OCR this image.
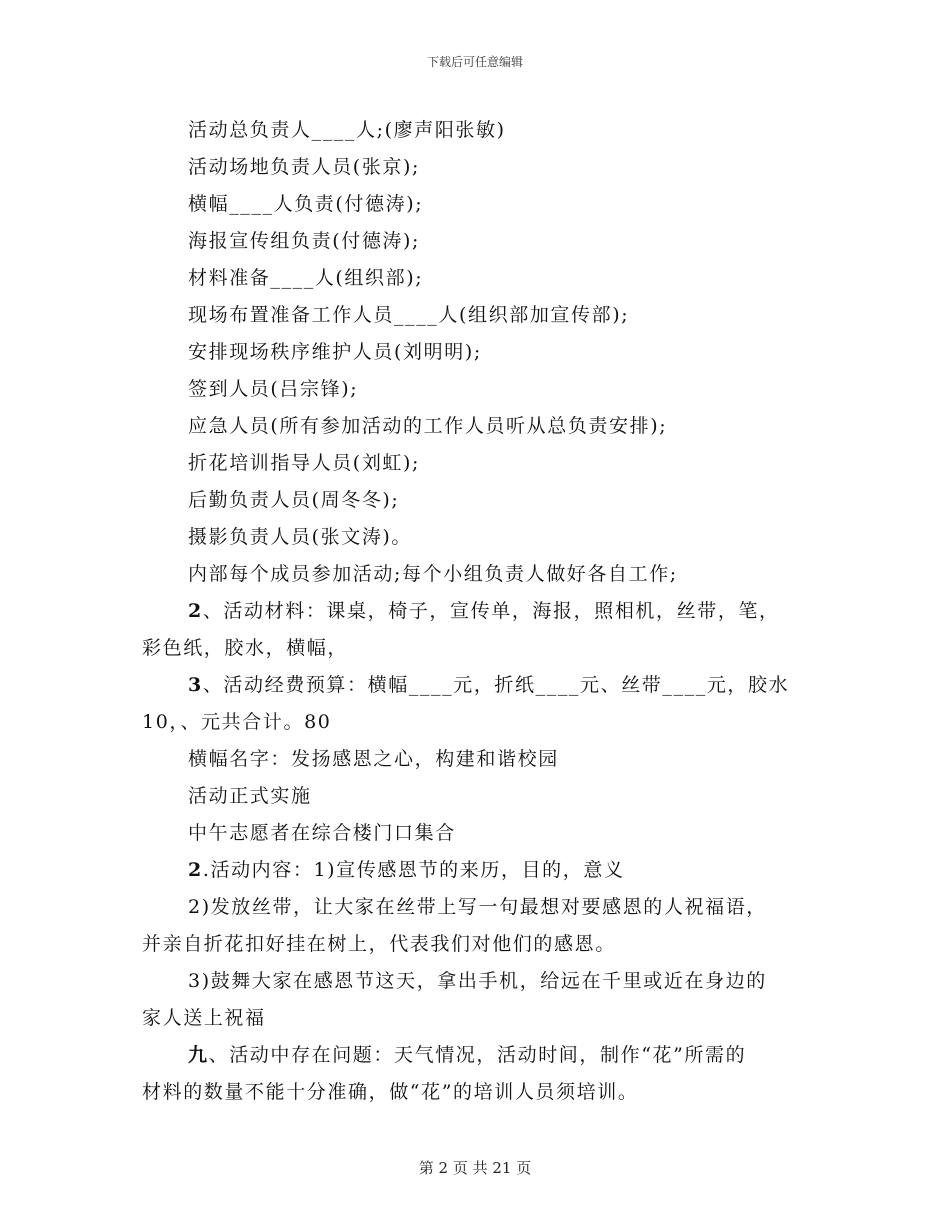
下载后可任意编辑

活动总负责人____人;(廖声阳张敏)

活动场地负责人员(张京);

横幅____人负责(付德涛);

海报宣传组负责(付德涛);

材料准备____人(组织部);

现场布置准备工作人员____人(组织部加宣传部);

安排现场秩序维护人员(刘明明);

签到人员(吕宗锋);

应急人员(所有参加活动的工作人员听从总负责安排);

折花培训指导人员(刘虹);

后勤负责人员(周冬冬);

摄影负责人员(张文涛)。

内部每个成员参加活动;每个小组负责人做好各自工作;

2、活动材料：课桌，椅子，宣传单，海报，照相机，丝带，笔，

彩色纸，胶水，横幅，

3、活动经费预算：横幅____元，折纸____元、丝带____元，胶水

10，、元共合计。80

横幅名字：发扬感恩之心，构建和谐校园

活动正式实施

中午志愿者在综合楼门口集合

2.活动内容：1)宣传感恩节的来历，目的，意义

2)发放丝带，让大家在丝带上写一句最想对要感恩的人祝福语，

并亲自折花扣好挂在树上，代表我们对他们的感恩。

3)鼓舞大家在感恩节这天，拿出手机，给远在千里或近在身边的

家人送上祝福

九、活动中存在问题：天气情况，活动时间，制作“花”所需的

材料的数量不能十分准确，做“花”的培训人员须培训。

第 2 页 共 21 页
